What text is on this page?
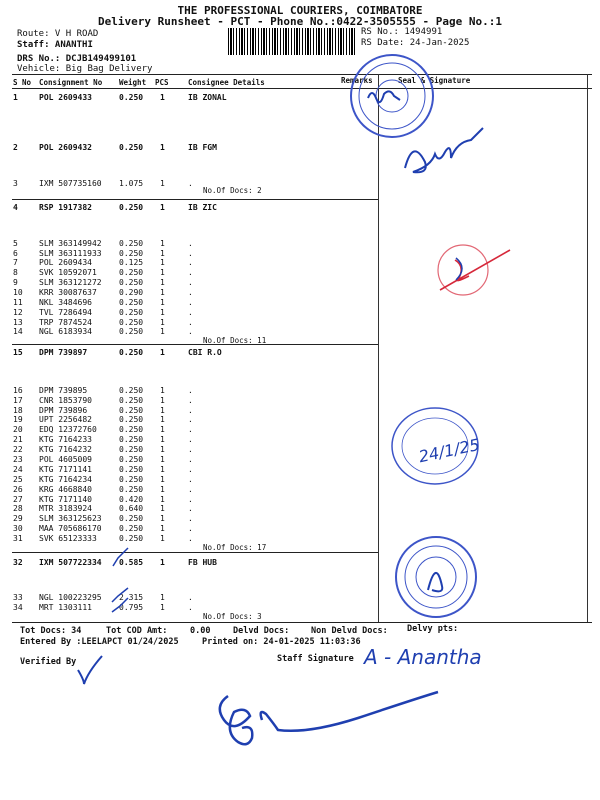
THE PROFESSIONAL COURIERS, COIMBATORE
Delivery Runsheet - PCT - Phone No.:0422-3505555 - Page No.:1
Route: V H ROAD
Staff: ANANTHI
DRS No.: DCJB149499101
Vehicle: Big Bag Delivery
RS No.: 1494991
RS Date: 24-Jan-2025
S No Consignment No Weight PCS	Consignee Details	Remarks	Seal & Signature
1	POL 2609433	0.250 1	IB ZONAL
2	POL 2609432	0.250 1	IB FGM
3	IXM 507735160 1.075 1	.
4	RSP 1917382	0.250 1	IB ZIC
5	SLM 363149942 0.250 1	.
6	SLM 363111933 0.250 1	.
7	POL 2609434	0.125 1	.
8	SVK 10592071	0.250 1	.
9	SLM 363121272 0.250 1	.
10 KRR 30087637	0.290 1	.
11 NKL 3484696	0.250 1	.
12 TVL 7286494	0.250 1	.
13 TRP 7874524	0.250 1	.
14 NGL 6183934	0.250 1	.
15 DPM 739897	0.250 1	CBI R.O
16 DPM 739895	0.250 1	.
17 CNR 1853790	0.250 1	.
18 DPM 739896	0.250 1	.
19 UPT 2256482	0.250 1	.
20 EDQ 12372760	0.250 1	.
21 KTG 7164233	0.250 1	.
22 KTG 7164232	0.250 1	.
23 POL 4605009	0.250 1	.
24 KTG 7171141	0.250 1	.
25 KTG 7164234	0.250 1	.
26 KRG 4668840	0.250 1	.
27 KTG 7171140	0.420 1	.
28 MTR 3183924	0.640 1	.
29 SLM 363125623 0.250 1	.
30 MAA 705686170 0.250 1	.
31 SVK 65123333	0.250 1	.
32 IXM 507722334 0.585 1	FB HUB
33 NGL 100223295 2.315 1	.
34 MRT 1303111	0.795 1	.
No.Of Docs: 2
No.Of Docs: 11
No.Of Docs: 17
No.Of Docs: 3
Tot Docs: 34	Tot COD Amt:	0.00	Delvd Docs:	Non Delvd Docs: Delvy pts:
Entered By :LEELAPCT 01/24/2025	Printed on: 24-01-2025 11:03:36
Verified By	Staff Signature
24/1/25
A - Anantha
